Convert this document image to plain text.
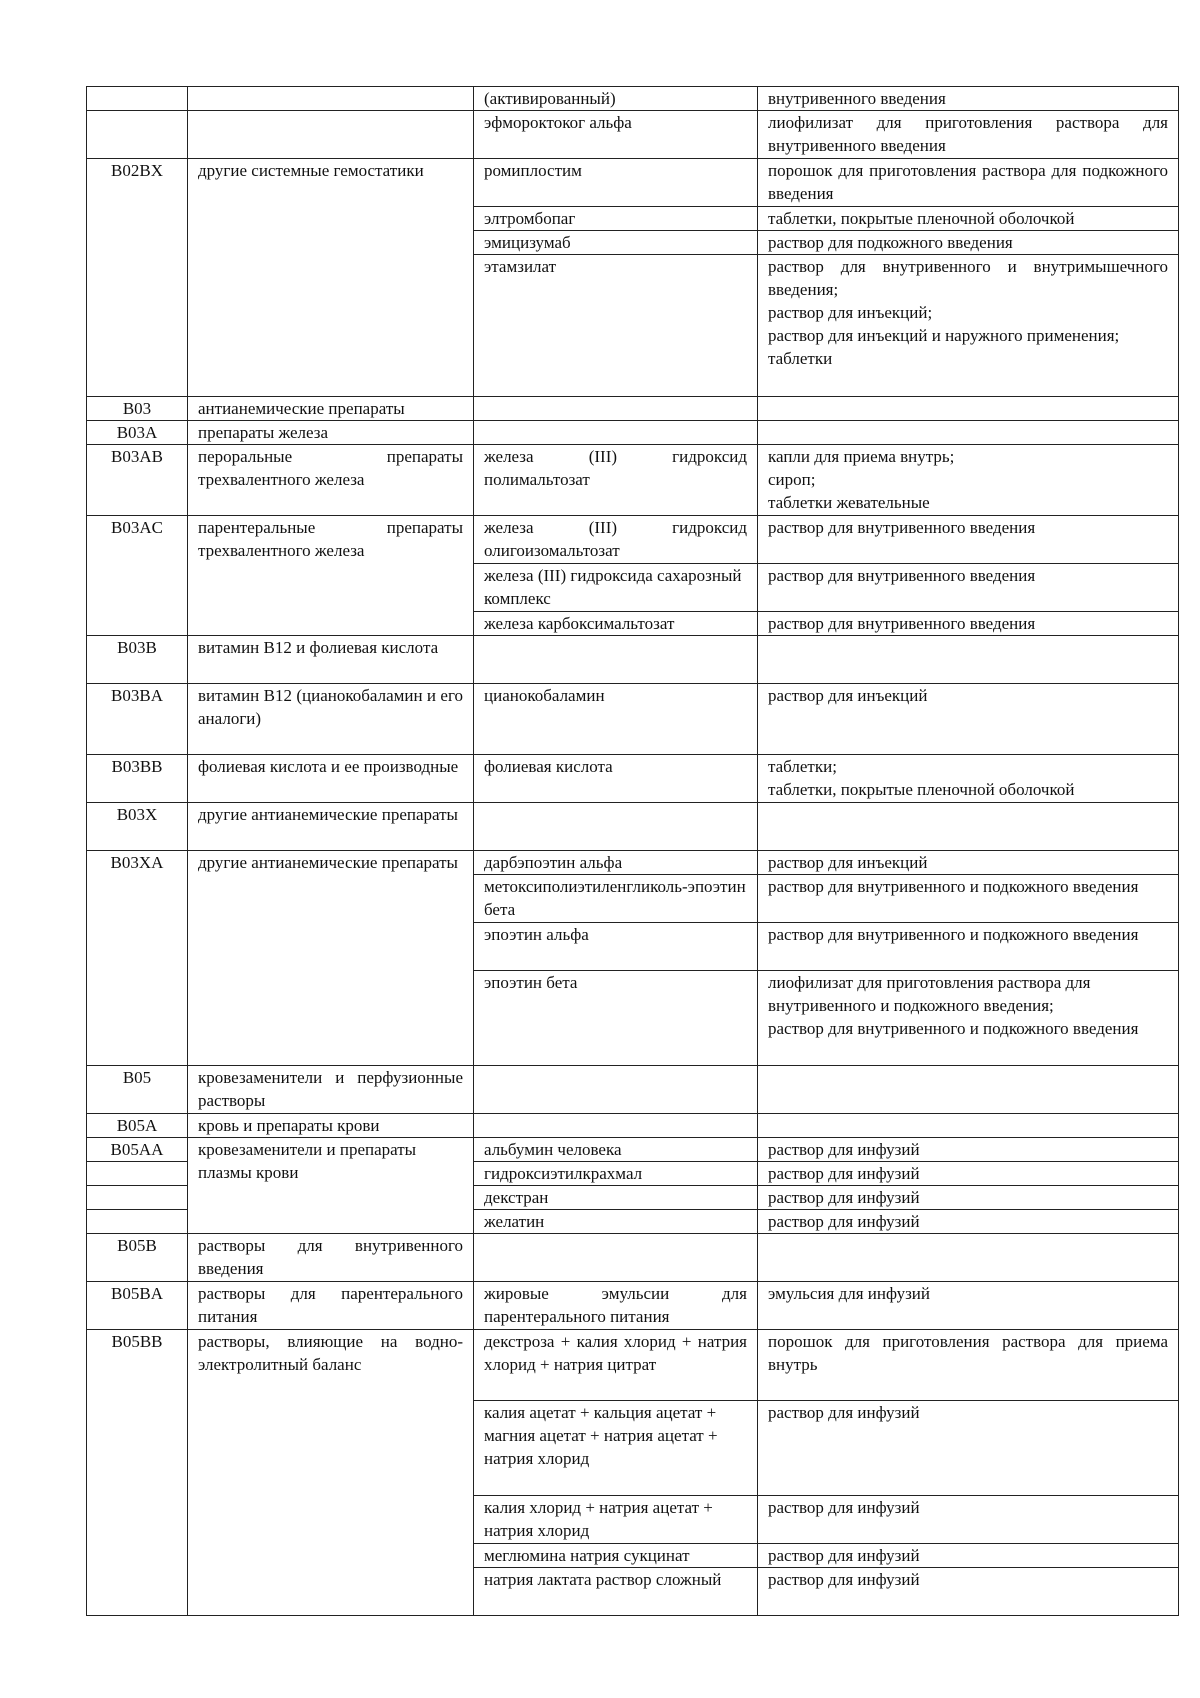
		(активированный)	внутривенного введения

		эфмороктоког альфа	лиофилизат для приготовления раствора для внутривенного введения

B02BX	другие системные гемостатики	ромиплостим	порошок для приготовления раствора для подкожного введения

		элтромбопаг	таблетки, покрытые пленочной оболочкой

		эмицизумаб	раствор для подкожного введения

		этамзилат	раствор для внутривенного и внутримышечного введения;
раствор для инъекций;
раствор для инъекций и наружного применения;
таблетки

B03	антианемические препараты		

B03A	препараты железа		

B03AB	пероральные препараты трехвалентного железа	железа (III) гидроксид полимальтозат	капли для приема внутрь;
сироп;
таблетки жевательные

B03AC	парентеральные препараты трехвалентного железа	железа (III) гидроксид олигоизомальтозат	раствор для внутривенного введения

		железа (III) гидроксида сахарозный комплекс	раствор для внутривенного введения

		железа карбоксимальтозат	раствор для внутривенного введения

B03B	витамин B12 и фолиевая кислота		

B03BA	витамин B12 (цианокобаламин и его аналоги)	цианокобаламин	раствор для инъекций

B03BB	фолиевая кислота и ее производные	фолиевая кислота	таблетки;
таблетки, покрытые пленочной оболочкой

B03X	другие антианемические препараты		

B03XA	другие антианемические препараты	дарбэпоэтин альфа	раствор для инъекций

		метоксиполиэтиленгликоль-эпоэтин бета	раствор для внутривенного и подкожного введения

		эпоэтин альфа	раствор для внутривенного и подкожного введения

		эпоэтин бета	лиофилизат для приготовления раствора для внутривенного и подкожного введения;
раствор для внутривенного и подкожного введения

B05	кровезаменители и перфузионные растворы		

B05A	кровь и препараты крови		

B05AA	кровезаменители и препараты плазмы крови	альбумин человека	раствор для инфузий

		гидроксиэтилкрахмал	раствор для инфузий

		декстран	раствор для инфузий

		желатин	раствор для инфузий

B05B	растворы для внутривенного введения		

B05BA	растворы для парентерального питания	жировые эмульсии для парентерального питания	эмульсия для инфузий

B05BB	растворы, влияющие на водно-электролитный баланс	декстроза + калия хлорид + натрия хлорид + натрия цитрат	порошок для приготовления раствора для приема внутрь

		калия ацетат + кальция ацетат + магния ацетат + натрия ацетат + натрия хлорид	раствор для инфузий

		калия хлорид + натрия ацетат + натрия хлорид	раствор для инфузий

		меглюмина натрия сукцинат	раствор для инфузий

		натрия лактата раствор сложный	раствор для инфузий
